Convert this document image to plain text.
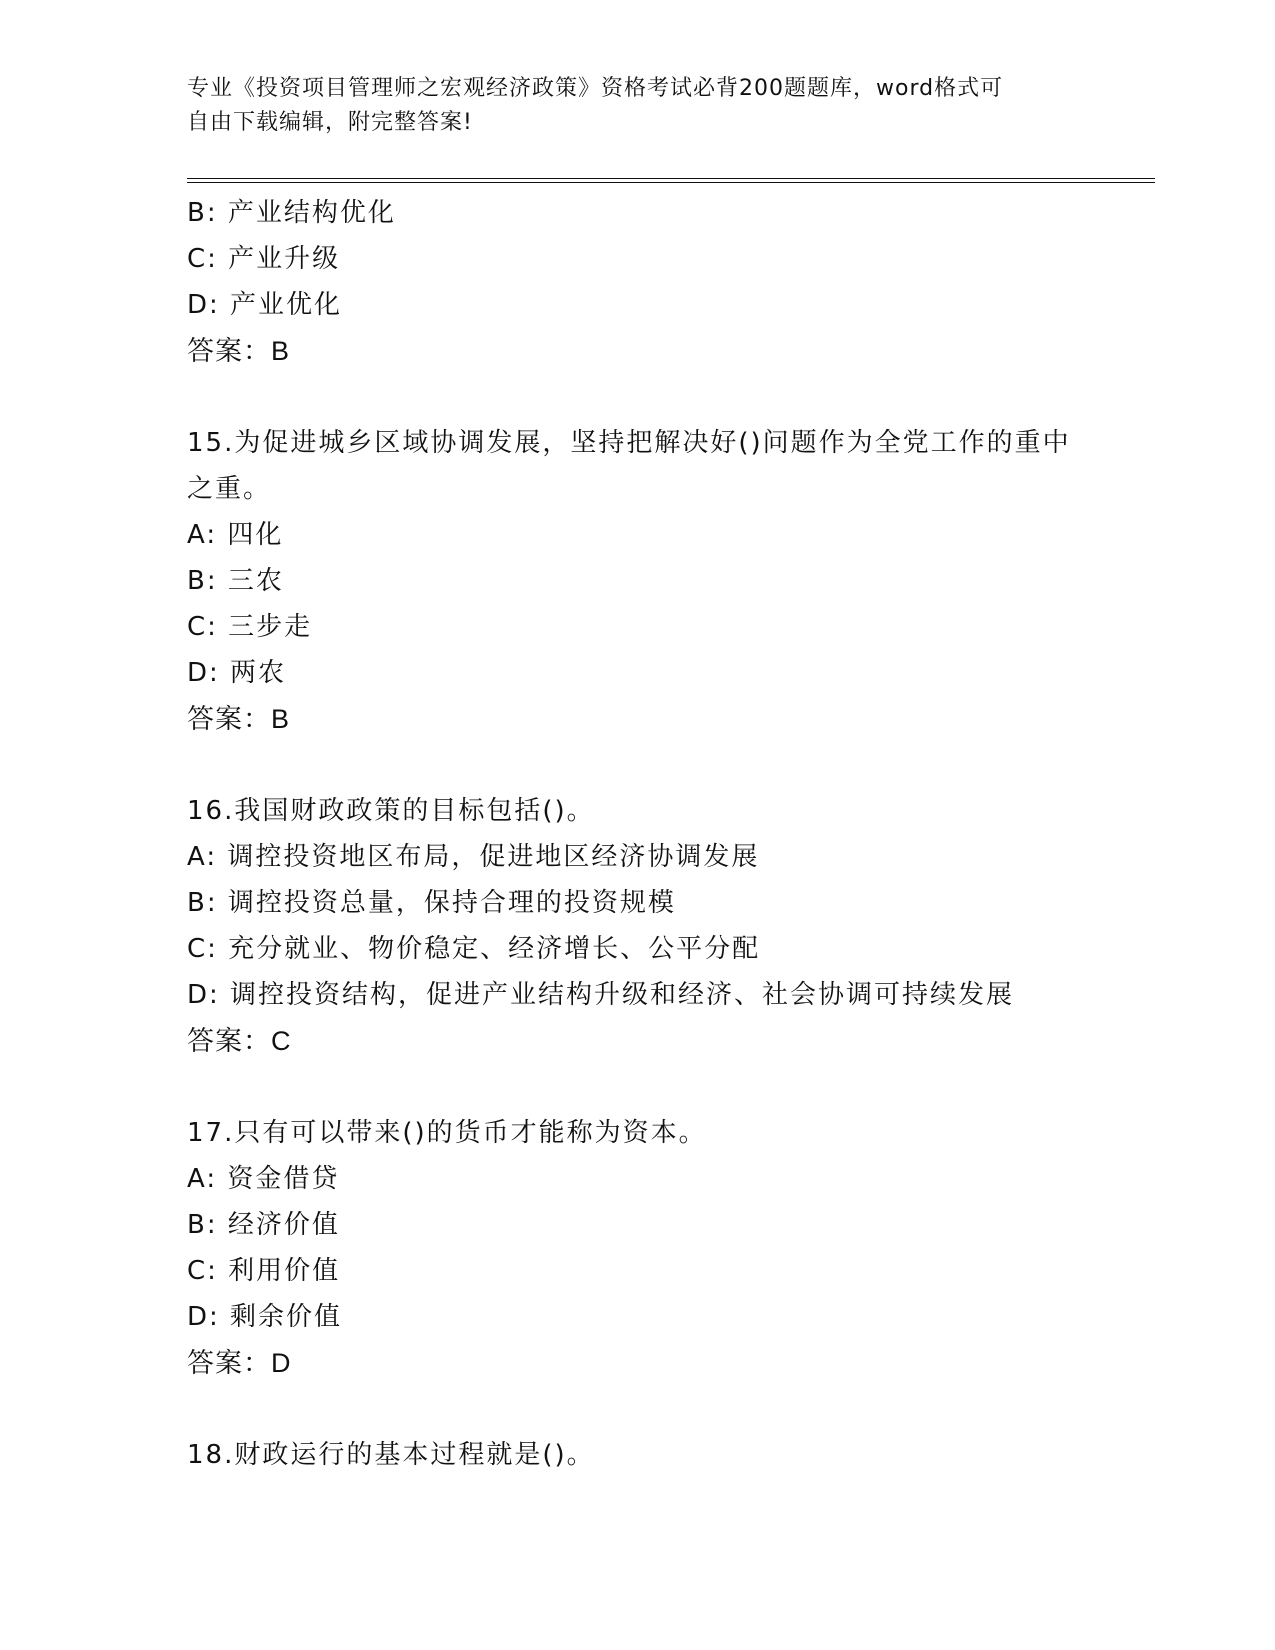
专业《投资项目管理师之宏观经济政策》资格考试必背200题题库，word格式可
自由下载编辑，附完整答案!
B: 产业结构优化
C: 产业升级
D: 产业优化
答案：B
15.为促进城乡区域协调发展，坚持把解决好()问题作为全党工作的重中之重。
A: 四化
B: 三农
C: 三步走
D: 两农
答案：B
16.我国财政政策的目标包括()。
A: 调控投资地区布局，促进地区经济协调发展
B: 调控投资总量，保持合理的投资规模
C: 充分就业、物价稳定、经济增长、公平分配
D: 调控投资结构，促进产业结构升级和经济、社会协调可持续发展
答案：C
17.只有可以带来()的货币才能称为资本。
A: 资金借贷
B: 经济价值
C: 利用价值
D: 剩余价值
答案：D
18.财政运行的基本过程就是()。
